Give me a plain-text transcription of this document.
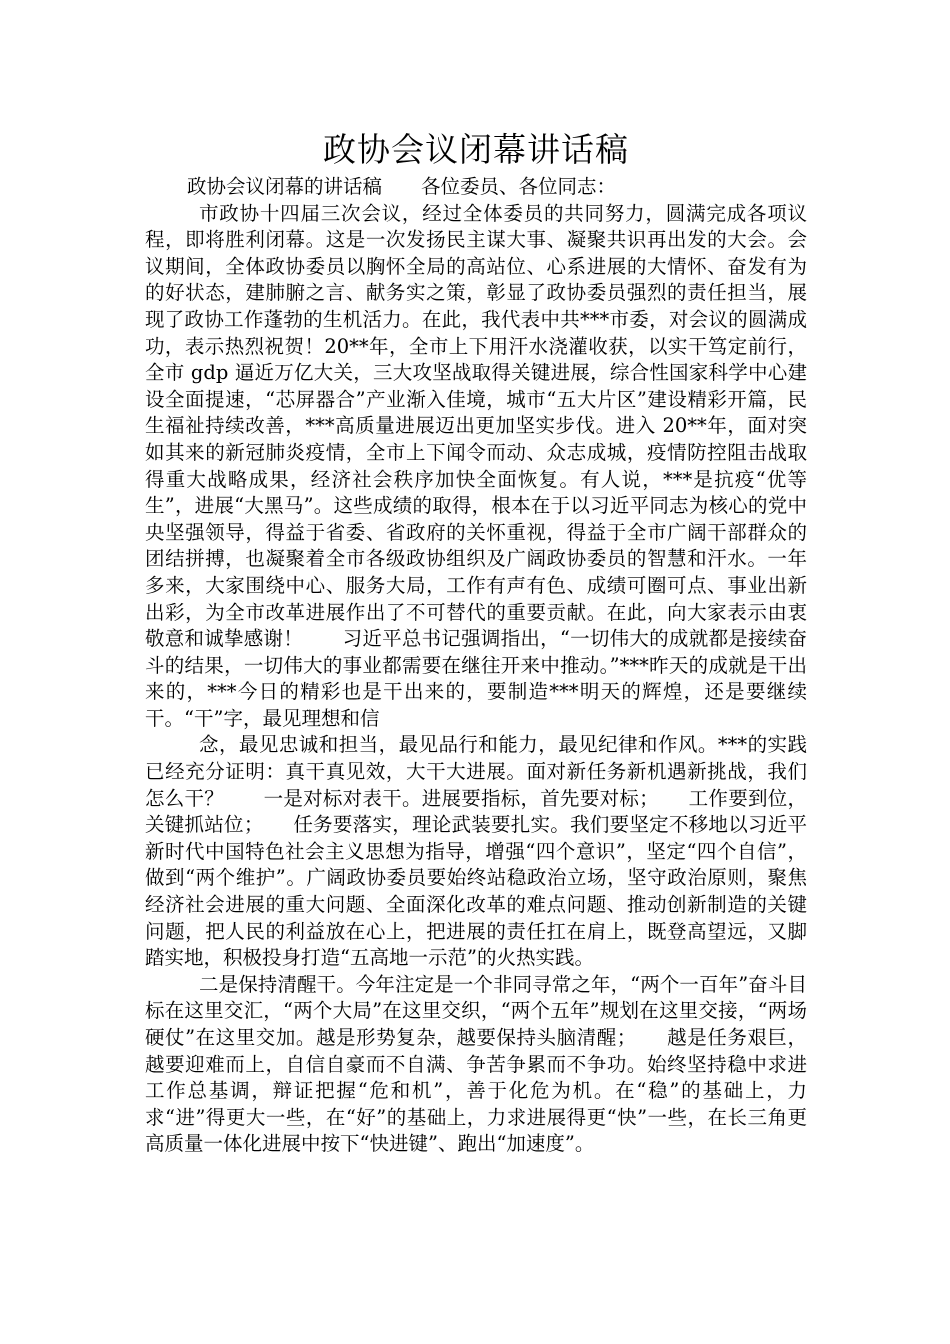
政协会议闭幕讲话稿

政协会议闭幕的讲话稿　　各位委员、各位同志：

市政协十四届三次会议，经过全体委员的共同努力，圆满完成各项议程，即将胜利闭幕。这是一次发扬民主谋大事、凝聚共识再出发的大会。会议期间，全体政协委员以胸怀全局的高站位、心系进展的大情怀、奋发有为的好状态，建肺腑之言、献务实之策，彰显了政协委员强烈的责任担当，展现了政协工作蓬勃的生机活力。在此，我代表中共***市委，对会议的圆满成功，表示热烈祝贺！20**年，全市上下用汗水浇灌收获，以实干笃定前行，全市 gdp 逼近万亿大关，三大攻坚战取得关键进展，综合性国家科学中心建设全面提速，“芯屏器合”产业渐入佳境，城市“五大片区”建设精彩开篇，民生福祉持续改善，***高质量进展迈出更加坚实步伐。进入 20**年，面对突如其来的新冠肺炎疫情，全市上下闻令而动、众志成城，疫情防控阻击战取得重大战略成果，经济社会秩序加快全面恢复。有人说，***是抗疫“优等生”，进展“大黑马”。这些成绩的取得，根本在于以习近平同志为核心的党中央坚强领导，得益于省委、省政府的关怀重视，得益于全市广阔干部群众的团结拼搏，也凝聚着全市各级政协组织及广阔政协委员的智慧和汗水。一年多来，大家围绕中心、服务大局，工作有声有色、成绩可圈可点、事业出新出彩，为全市改革进展作出了不可替代的重要贡献。在此，向大家表示由衷敬意和诚挚感谢！　　习近平总书记强调指出，“一切伟大的成就都是接续奋斗的结果，一切伟大的事业都需要在继往开来中推动。”***昨天的成就是干出来的，***今日的精彩也是干出来的，要制造***明天的辉煌，还是要继续干。“干”字，最见理想和信

念，最见忠诚和担当，最见品行和能力，最见纪律和作风。***的实践已经充分证明：真干真见效，大干大进展。面对新任务新机遇新挑战，我们怎么干？　　一是对标对表干。进展要指标，首先要对标；　　工作要到位，关键抓站位；　　任务要落实，理论武装要扎实。我们要坚定不移地以习近平新时代中国特色社会主义思想为指导，增强“四个意识”，坚定“四个自信”，做到“两个维护”。广阔政协委员要始终站稳政治立场，坚守政治原则，聚焦经济社会进展的重大问题、全面深化改革的难点问题、推动创新制造的关键问题，把人民的利益放在心上，把进展的责任扛在肩上，既登高望远，又脚踏实地，积极投身打造“五高地一示范”的火热实践。

二是保持清醒干。今年注定是一个非同寻常之年，“两个一百年”奋斗目标在这里交汇，“两个大局”在这里交织，“两个五年”规划在这里交接，“两场硬仗”在这里交加。越是形势复杂，越要保持头脑清醒；　　越是任务艰巨，越要迎难而上，自信自豪而不自满、争苦争累而不争功。始终坚持稳中求进工作总基调，辩证把握“危和机”，善于化危为机。在“稳”的基础上，力求“进”得更大一些，在“好”的基础上，力求进展得更“快”一些，在长三角更高质量一体化进展中按下“快进键”、跑出“加速度”。
